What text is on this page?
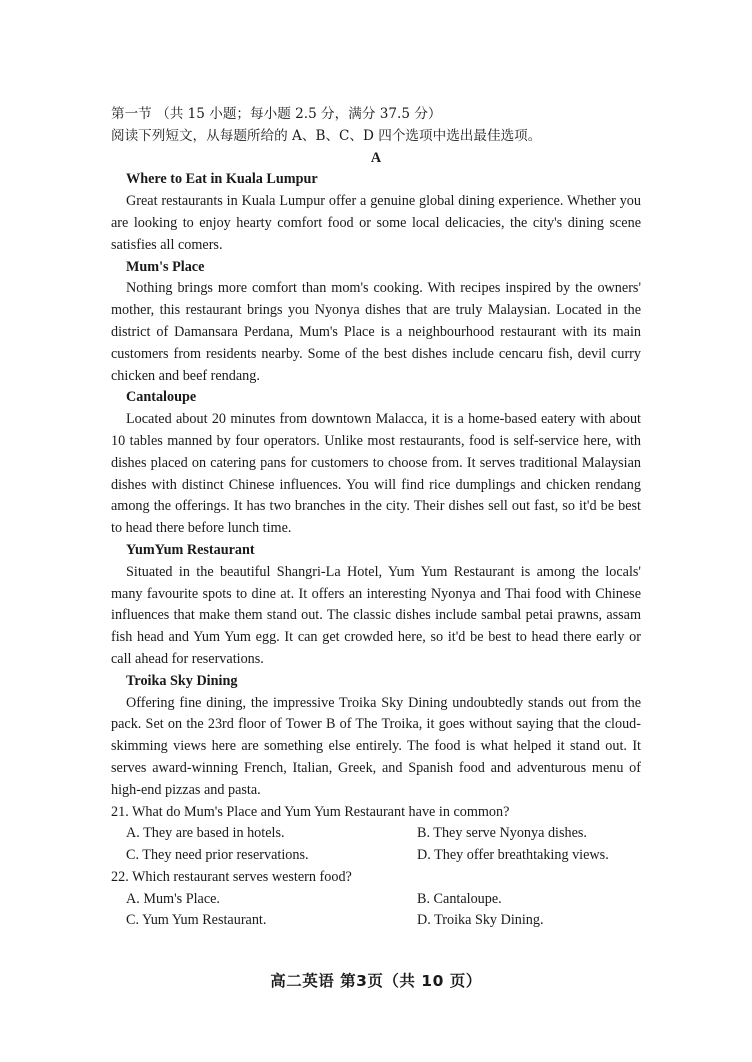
第一节 （共 15 小题；每小题 2.5 分，满分 37.5 分）
阅读下列短文，从每题所给的 A、B、C、D 四个选项中选出最佳选项。
A
Where to Eat in Kuala Lumpur

Great restaurants in Kuala Lumpur offer a genuine global dining experience. Whether you are looking to enjoy hearty comfort food or some local delicacies, the city's dining scene satisfies all comers.

Mum's Place

Nothing brings more comfort than mom's cooking. With recipes inspired by the owners' mother, this restaurant brings you Nyonya dishes that are truly Malaysian. Located in the district of Damansara Perdana, Mum's Place is a neighbourhood restaurant with its main customers from residents nearby. Some of the best dishes include cencaru fish, devil curry chicken and beef rendang.

Cantaloupe

Located about 20 minutes from downtown Malacca, it is a home-based eatery with about 10 tables manned by four operators. Unlike most restaurants, food is self-service here, with dishes placed on catering pans for customers to choose from. It serves traditional Malaysian dishes with distinct Chinese influences. You will find rice dumplings and chicken rendang among the offerings. It has two branches in the city. Their dishes sell out fast, so it'd be best to head there before lunch time.

YumYum Restaurant

Situated in the beautiful Shangri-La Hotel, Yum Yum Restaurant is among the locals' many favourite spots to dine at. It offers an interesting Nyonya and Thai food with Chinese influences that make them stand out. The classic dishes include sambal petai prawns, assam fish head and Yum Yum egg. It can get crowded here, so it'd be best to head there early or call ahead for reservations.

Troika Sky Dining

Offering fine dining, the impressive Troika Sky Dining undoubtedly stands out from the pack. Set on the 23rd floor of Tower B of The Troika, it goes without saying that the cloud-skimming views here are something else entirely. The food is what helped it stand out. It serves award-winning French, Italian, Greek, and Spanish food and adventurous menu of high-end pizzas and pasta.

21. What do Mum's Place and Yum Yum Restaurant have in common?
A. They are based in hotels.	B. They serve Nyonya dishes.
C. They need prior reservations.	D. They offer breathtaking views.
22. Which restaurant serves western food?
A. Mum's Place.	B. Cantaloupe.
C. Yum Yum Restaurant.	D. Troika Sky Dining.
高二英语 第3页（共 10 页）
